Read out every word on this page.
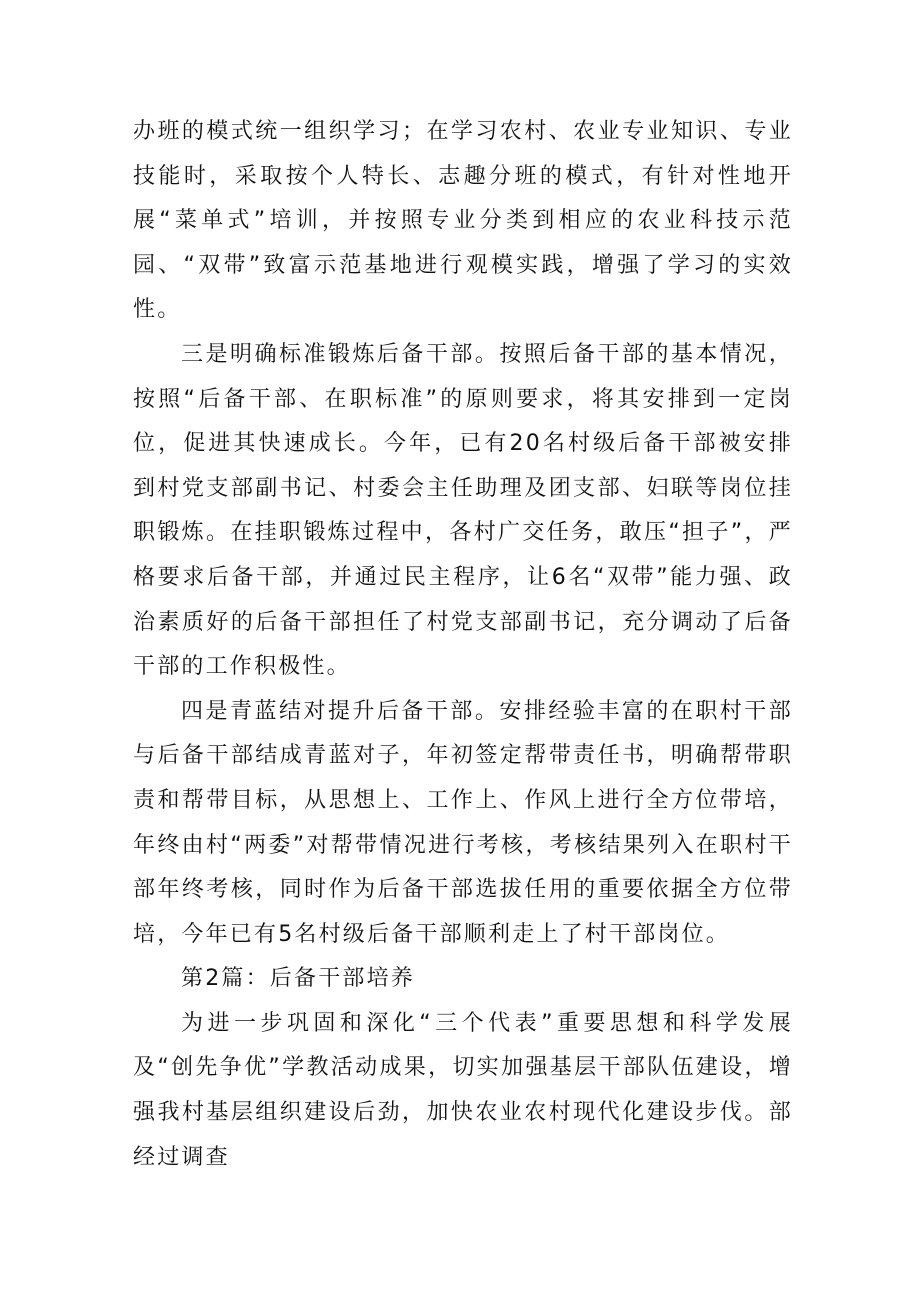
办班的模式统一组织学习；在学习农村、农业专业知识、专业技能时，采取按个人特长、志趣分班的模式，有针对性地开展“菜单式”培训，并按照专业分类到相应的农业科技示范园、“双带”致富示范基地进行观模实践，增强了学习的实效性。

三是明确标准锻炼后备干部。按照后备干部的基本情况，按照“后备干部、在职标准”的原则要求，将其安排到一定岗位，促进其快速成长。今年，已有20名村级后备干部被安排到村党支部副书记、村委会主任助理及团支部、妇联等岗位挂职锻炼。在挂职锻炼过程中，各村广交任务，敢压“担子”，严格要求后备干部，并通过民主程序，让6名“双带”能力强、政治素质好的后备干部担任了村党支部副书记，充分调动了后备干部的工作积极性。

四是青蓝结对提升后备干部。安排经验丰富的在职村干部与后备干部结成青蓝对子，年初签定帮带责任书，明确帮带职责和帮带目标，从思想上、工作上、作风上进行全方位带培，年终由村“两委”对帮带情况进行考核，考核结果列入在职村干部年终考核，同时作为后备干部选拔任用的重要依据全方位带培，今年已有5名村级后备干部顺利走上了村干部岗位。

第2篇：后备干部培养

为进一步巩固和深化“三个代表”重要思想和科学发展及“创先争优”学教活动成果，切实加强基层干部队伍建设，增强我村基层组织建设后劲，加快农业农村现代化建设步伐。部经过调查
